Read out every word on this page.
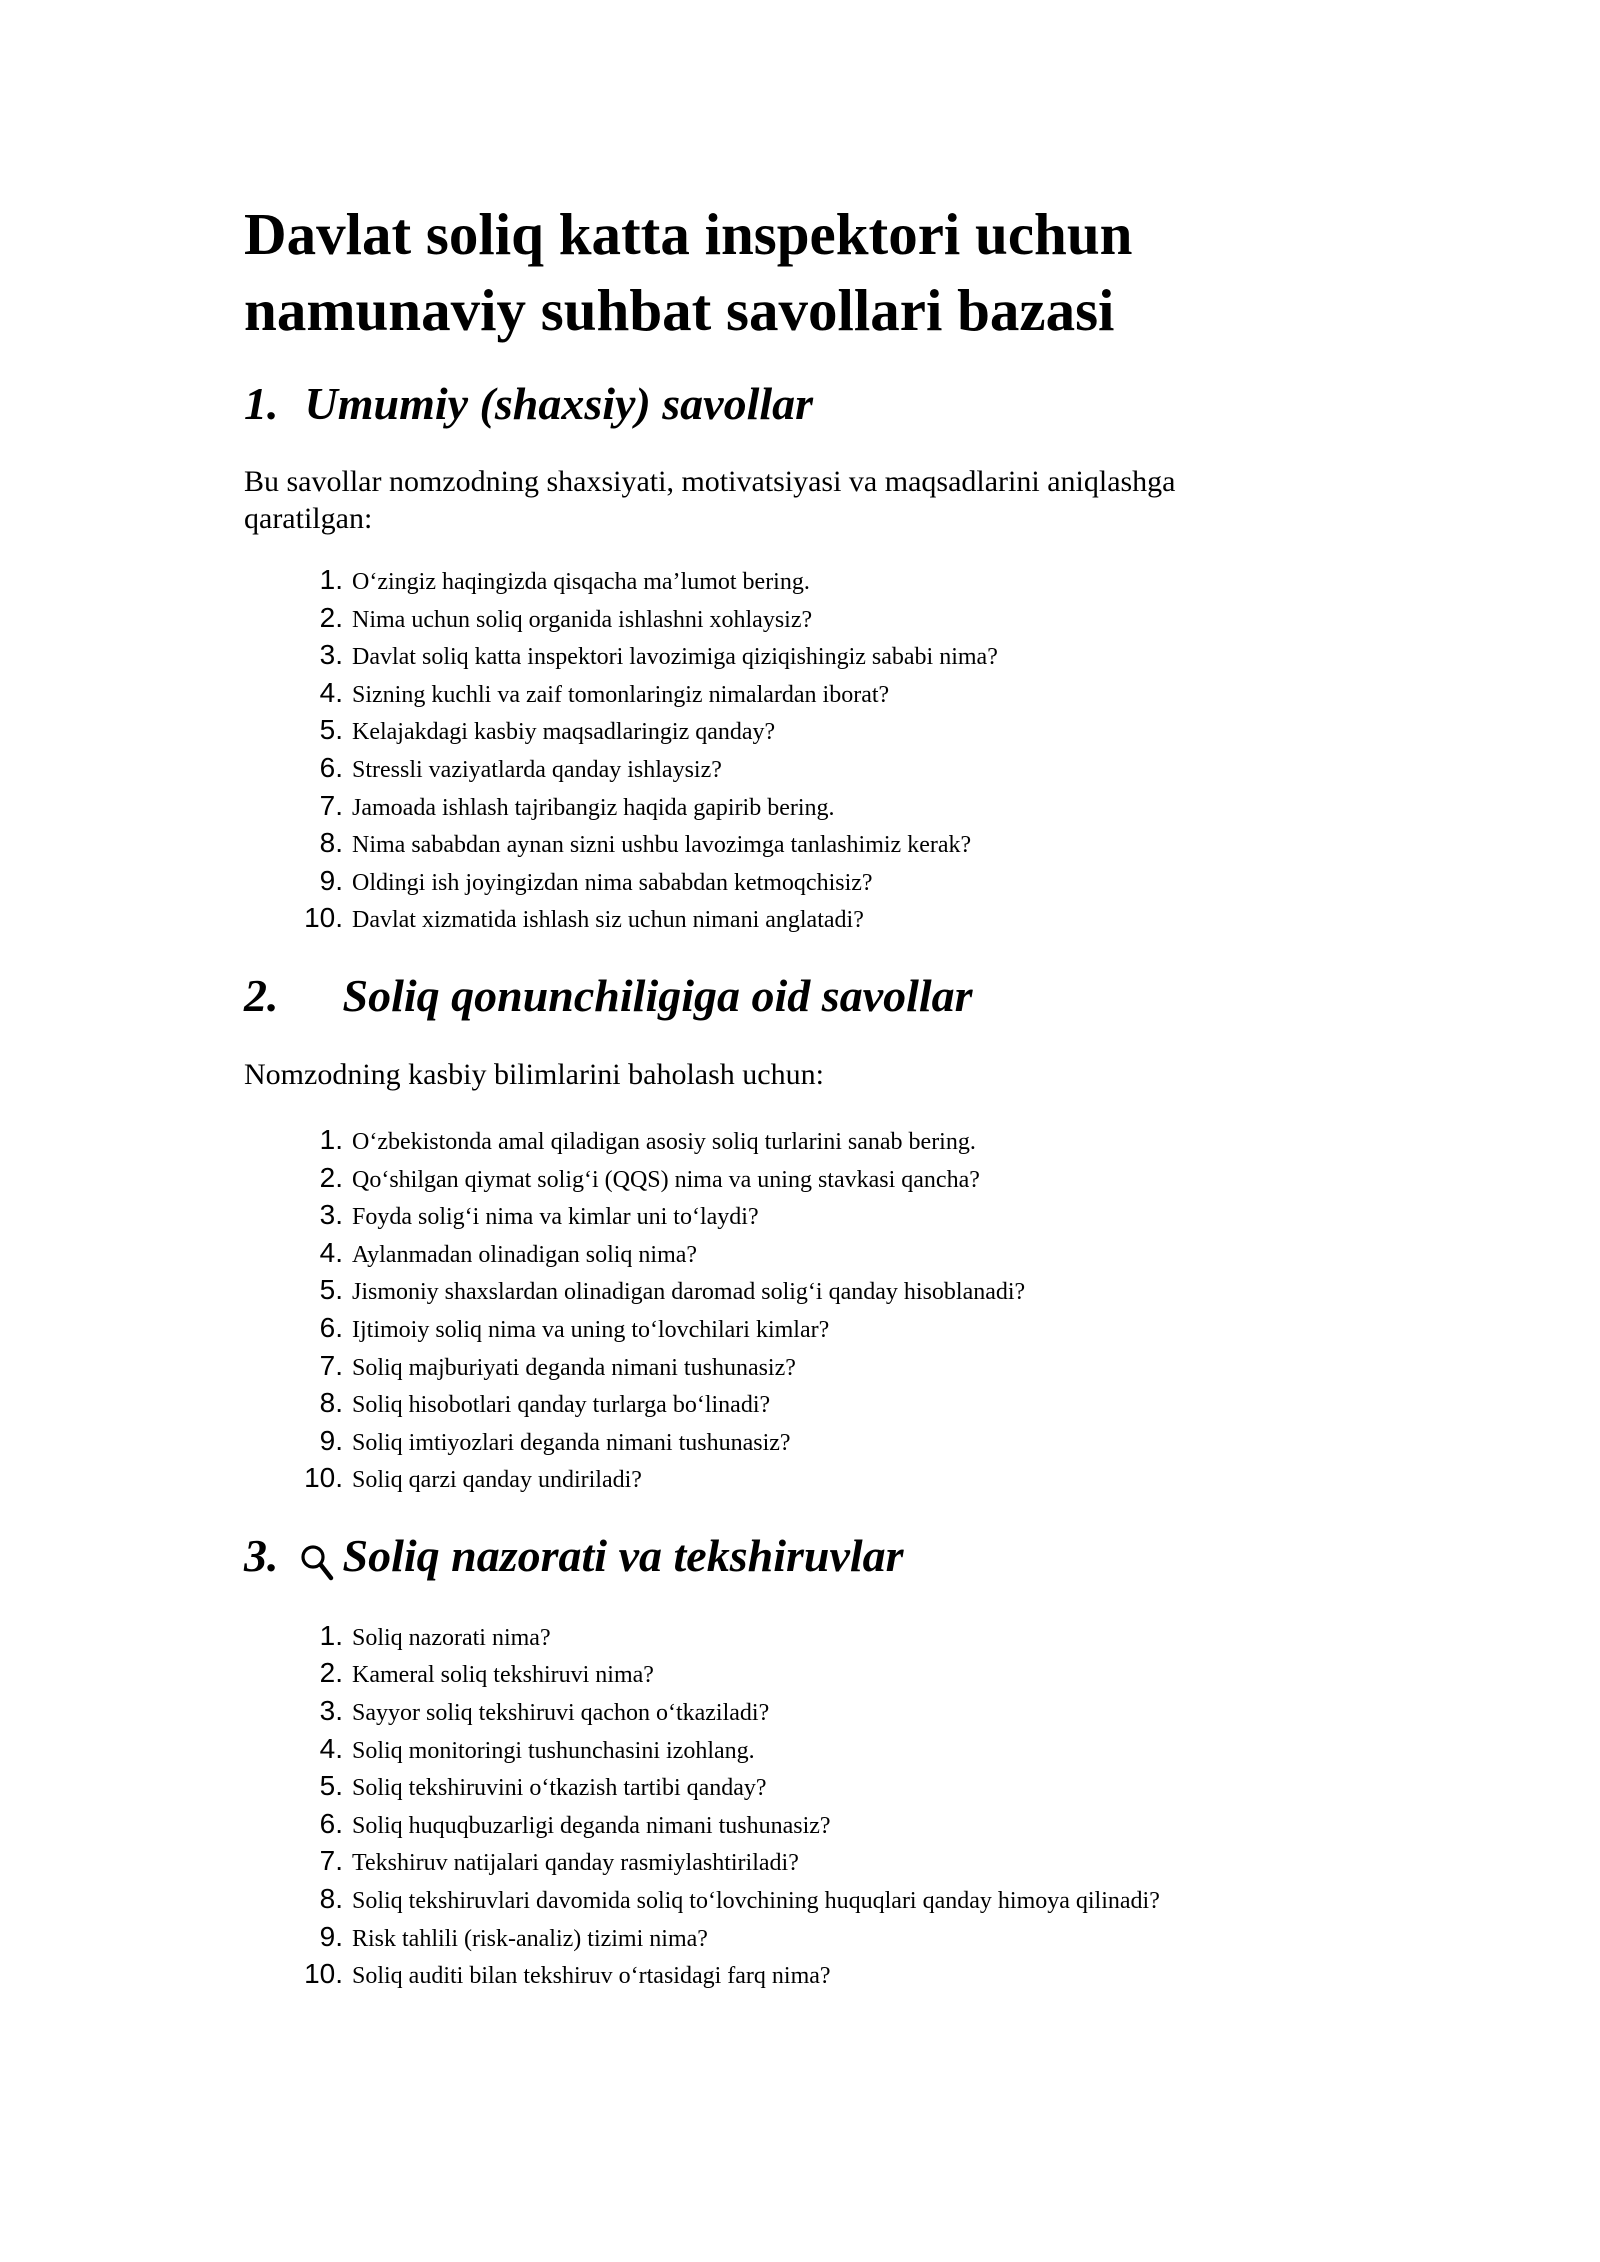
Davlat soliq katta inspektori uchun
namunaviy suhbat savollari bazasi
1. Umumiy (shaxsiy) savollar

Bu savollar nomzodning shaxsiyati, motivatsiyasi va maqsadlarini aniqlashga
qaratilgan:

1. O‘zingiz haqingizda qisqacha ma’lumot bering.
2. Nima uchun soliq organida ishlashni xohlaysiz?
3. Davlat soliq katta inspektori lavozimiga qiziqishingiz sababi nima?
4. Sizning kuchli va zaif tomonlaringiz nimalardan iborat?
5. Kelajakdagi kasbiy maqsadlaringiz qanday?
6. Stressli vaziyatlarda qanday ishlaysiz?
7. Jamoada ishlash tajribangiz haqida gapirib bering.
8. Nima sababdan aynan sizni ushbu lavozimga tanlashimiz kerak?
9. Oldingi ish joyingizdan nima sababdan ketmoqchisiz?
10. Davlat xizmatida ishlash siz uchun nimani anglatadi?
2. Soliq qonunchiligiga oid savollar

Nomzodning kasbiy bilimlarini baholash uchun:

1. O‘zbekistonda amal qiladigan asosiy soliq turlarini sanab bering.
2. Qo‘shilgan qiymat solig‘i (QQS) nima va uning stavkasi qancha?
3. Foyda solig‘i nima va kimlar uni to‘laydi?
4. Aylanmadan olinadigan soliq nima?
5. Jismoniy shaxslardan olinadigan daromad solig‘i qanday hisoblanadi?
6. Ijtimoiy soliq nima va uning to‘lovchilari kimlar?
7. Soliq majburiyati deganda nimani tushunasiz?
8. Soliq hisobotlari qanday turlarga bo‘linadi?
9. Soliq imtiyozlari deganda nimani tushunasiz?
10. Soliq qarzi qanday undiriladi?
3. Soliq nazorati va tekshiruvlar
1. Soliq nazorati nima?
2. Kameral soliq tekshiruvi nima?
3. Sayyor soliq tekshiruvi qachon o‘tkaziladi?
4. Soliq monitoringi tushunchasini izohlang.
5. Soliq tekshiruvini o‘tkazish tartibi qanday?
6. Soliq huquqbuzarligi deganda nimani tushunasiz?
7. Tekshiruv natijalari qanday rasmiylashtiriladi?
8. Soliq tekshiruvlari davomida soliq to‘lovchining huquqlari qanday himoya qilinadi?
9. Risk tahlili (risk-analiz) tizimi nima?
10. Soliq auditi bilan tekshiruv o‘rtasidagi farq nima?
